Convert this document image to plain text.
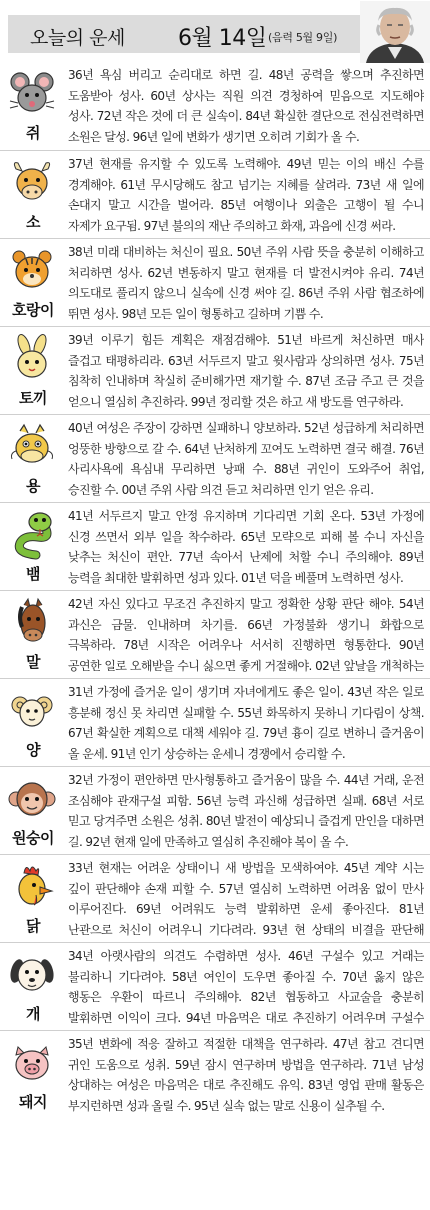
오늘의 운세 6월 14일 (음력 5월 9일)
쥐
36년 욕심 버리고 순리대로 하면 길. 48년 공력을 쌓으며 추진하면 도움받아 성사. 60년 상사는 직원 의견 경청하여 믿음으로 지도해야 성사. 72년 작은 것에 더 큰 실속이. 84년 확실한 결단으로 전심전력하면 소원은 달성. 96년 일에 변화가 생기면 오히려 기회가 올 수.
소
37년 현재를 유지할 수 있도록 노력해야. 49년 믿는 이의 배신 수를 경계해야. 61년 무시당해도 참고 넘기는 지혜를 살려라. 73년 새 일에 손대지 말고 시간을 벌어라. 85년 여행이나 외출은 고행이 될 수니 자제가 요구됨. 97년 불의의 재난 주의하고 화재, 과음에 신경 써라.
호랑이
38년 미래 대비하는 처신이 필요. 50년 주위 사람 뜻을 충분히 이해하고 처리하면 성사. 62년 변동하지 말고 현재를 더 발전시켜야 유리. 74년 의도대로 풀리지 않으니 실속에 신경 써야 길. 86년 주위 사람 협조하에 뛰면 성사. 98년 모든 일이 형통하고 길하며 기쁨 수.
토끼
39년 이루기 힘든 계획은 재점검해야. 51년 바르게 처신하면 매사 즐겁고 태평하리라. 63년 서두르지 말고 윗사람과 상의하면 성사. 75년 침착히 인내하며 착실히 준비해가면 재기할 수. 87년 조금 주고 큰 것을 얻으니 열심히 추진하라. 99년 정리할 것은 하고 새 방도를 연구하라.
용
40년 여성은 주장이 강하면 실패하니 양보하라. 52년 성급하게 처리하면 엉뚱한 방향으로 갈 수. 64년 난처하게 꼬여도 노력하면 결국 해결. 76년 사리사욕에 욕심내 무리하면 낭패 수. 88년 귀인이 도와주어 취업, 승진할 수. 00년 주위 사람 의견 듣고 처리하면 인기 얻은 유리.
뱀
41년 서두르지 말고 안정 유지하며 기다리면 기회 온다. 53년 가정에 신경 쓰면서 외부 일을 착수하라. 65년 모략으로 피해 볼 수니 자신을 낮추는 처신이 편안. 77년 속아서 난제에 처할 수니 주의해야. 89년 능력을 최대한 발휘하면 성과 있다. 01년 덕을 베풀며 노력하면 성사.
말
42년 자신 있다고 무조건 추진하지 말고 정확한 상황 판단 해야. 54년 과신은 금물. 인내하며 차기를. 66년 가정불화 생기니 화합으로 극복하라. 78년 시작은 어려우나 서서히 진행하면 형통한다. 90년 공연한 일로 오해받을 수니 싫으면 좋게 거절해야. 02년 앞날을 개척하는
양
31년 가정에 즐거운 일이 생기며 자녀에게도 좋은 일이. 43년 작은 일로 흥분해 정신 못 차리면 실패할 수. 55년 화목하지 못하니 기다림이 상책. 67년 확실한 계획으로 대책 세워야 길. 79년 흉이 길로 변하니 즐거움이 올 운세. 91년 인기 상승하는 운세니 경쟁에서 승리할 수.
원숭이
32년 가정이 편안하면 만사형통하고 즐거움이 많을 수. 44년 거래, 운전 조심해야 관재구설 피함. 56년 능력 과신해 성급하면 실패. 68년 서로 믿고 당겨주면 소원은 성취. 80년 발전이 예상되니 즐겁게 만인을 대하면 길. 92년 현재 일에 만족하고 열심히 추진해야 복이 올 수.
닭
33년 현재는 어려운 상태이니 새 방법을 모색하여야. 45년 계약 시는 깊이 판단해야 손재 피할 수. 57년 열심히 노력하면 어려움 없이 만사 이루어진다. 69년 어려워도 능력 발휘하면 운세 좋아진다. 81년 난관으로 처신이 어려우니 기다려라. 93년 현 상태의 비결을 판단해
개
34년 아랫사람의 의견도 수렴하면 성사. 46년 구설수 있고 거래는 불리하니 기다려야. 58년 여인이 도우면 좋아질 수. 70년 옳지 않은 행동은 우환이 따르니 주의해야. 82년 협동하고 사교술을 충분히 발휘하면 이익이 크다. 94년 마음먹은 대로 추진하기 어려우며 구설수
돼지
35년 변화에 적응 잘하고 적절한 대책을 연구하라. 47년 참고 견디면 귀인 도움으로 성취. 59년 잠시 연구하며 방법을 연구하라. 71년 남성 상대하는 여성은 마음먹은 대로 추진해도 유익. 83년 영업 판매 활동은 부지런하면 성과 올릴 수. 95년 실속 없는 말로 신용이 실추될 수.
